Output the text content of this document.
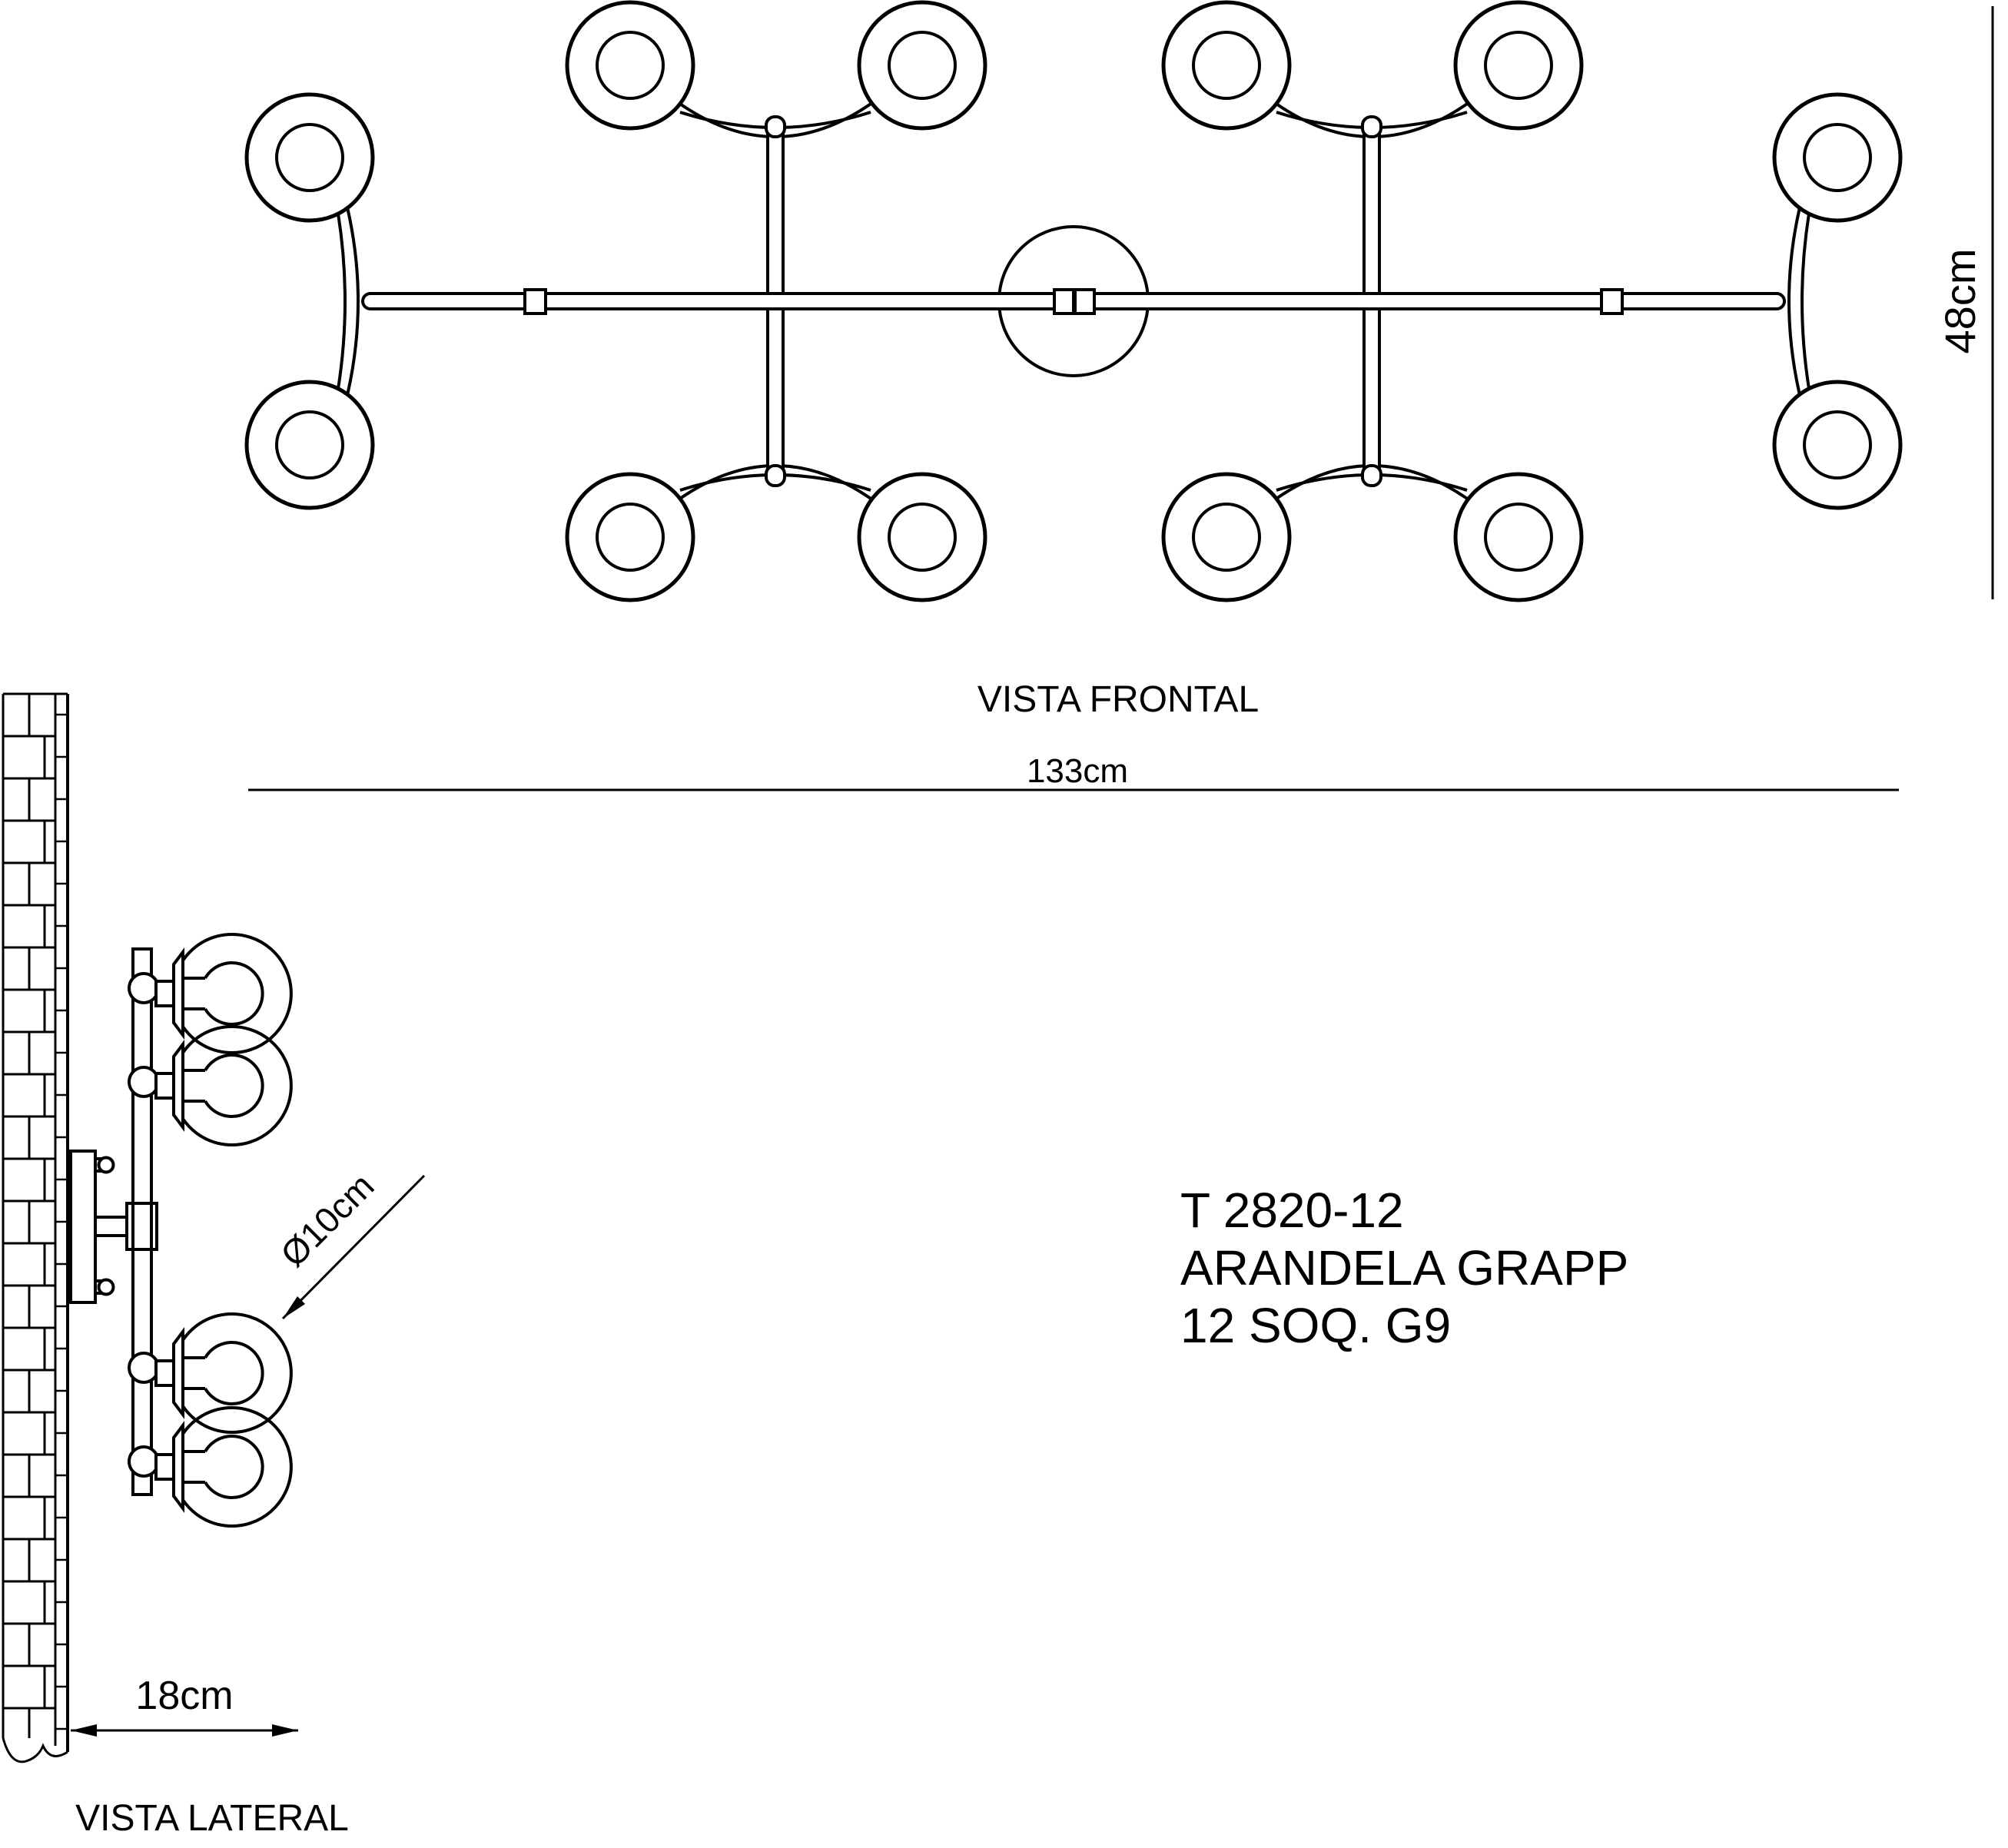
48cm
VISTA FRONTAL
133cm
Ø10cm
18cm
VISTA LATERAL
T 2820-12
ARANDELA GRAPP
12 SOQ. G9
